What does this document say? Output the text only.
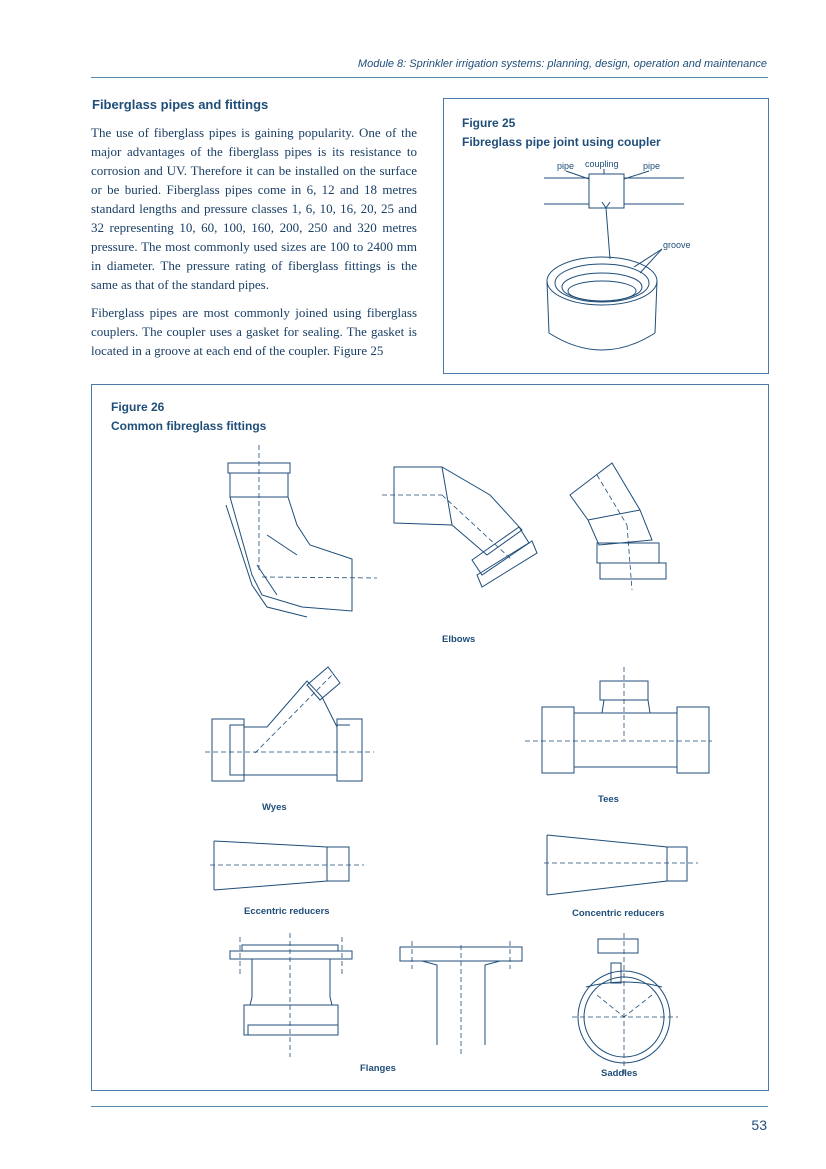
Module 8: Sprinkler irrigation systems: planning, design, operation and maintenance
Fiberglass pipes and fittings

The use of fiberglass pipes is gaining popularity. One of the major advantages of the fiberglass pipes is its resistance to corrosion and UV. Therefore it can be installed on the surface or be buried. Fiberglass pipes come in 6, 12 and 18 metres standard lengths and pressure classes 1, 6, 10, 16, 20, 25 and 32 representing 10, 60, 100, 160, 200, 250 and 320 metres pressure. The most commonly used sizes are 100 to 2400 mm in diameter. The pressure rating of fiberglass fittings is the same as that of the standard pipes.

Fiberglass pipes are most commonly joined using fiberglass couplers. The coupler uses a gasket for sealing. The gasket is located in a groove at each end of the coupler. Figure 25

Figure 25
Fibreglass pipe joint using coupler
pipe coupling	pipe
groove
Figure 26
Common fibreglass fittings
Elbows
Wyes
Tees
Eccentric reducers	Concentric reducers
Flanges	Saddles
53
